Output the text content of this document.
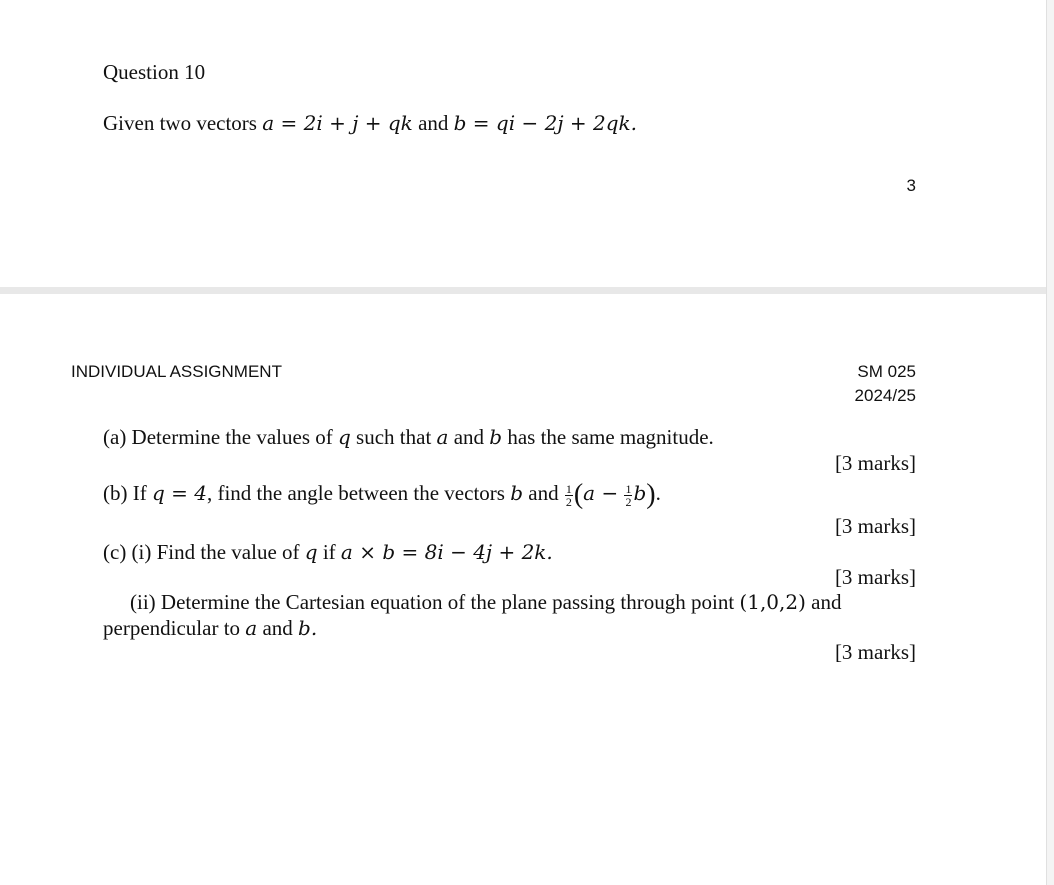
Question 10
Given two vectors a = 2i + j + qk and b = qi − 2j + 2qk.
3
INDIVIDUAL ASSIGNMENT	SM 025
2024/25
(a) Determine the values of q such that a and b has the same magnitude.
[3 marks]
(b) If q = 4, find the angle between the vectors b and $\frac{1}{2} (a - \frac{1}{2} b)$.
[3 marks]
(c) (i) Find the value of q if a × b = 8i − 4j + 2k.
[3 marks]
(ii) Determine the Cartesian equation of the plane passing through point (1,0,2) and
perpendicular to a and b.
[3 marks]
